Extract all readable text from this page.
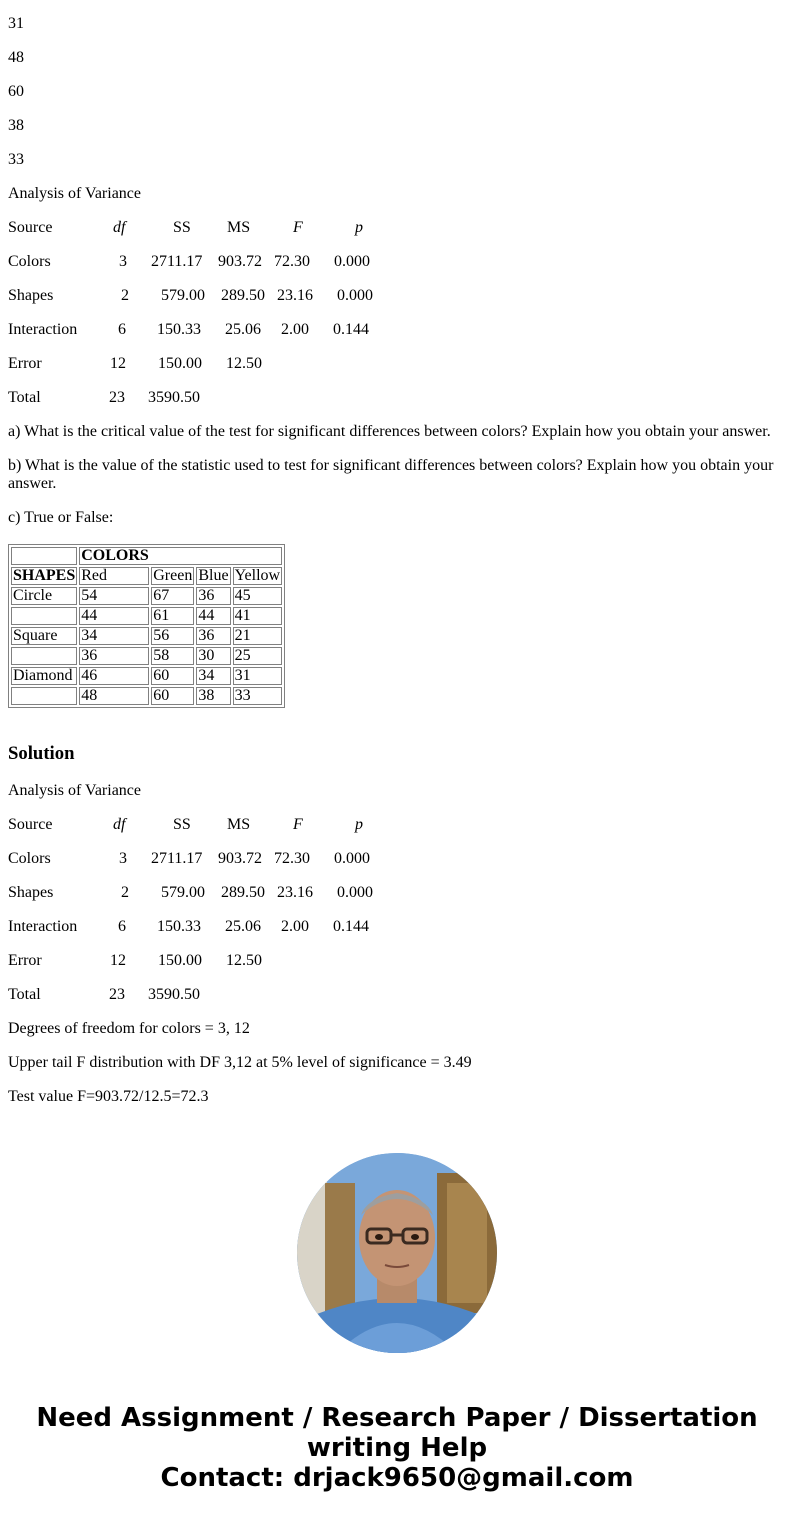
31
48
60
38
33
Analysis of Variance
Source	df	SS MS	F	p
Colors	3 2711.17 903.72 72.30 0.000
Shapes	2 579.00 289.50 23.16 0.000
Interaction	6 150.33 25.06 2.00 0.144
Error	12 150.00 12.50
Total	23 3590.50
a) What is the critical value of the test for significant differences between colors? Explain how you obtain your answer.
b) What is the value of the statistic used to test for significant differences between colors? Explain how you obtain your answer.
c) True or False:
	COLORS			
SHAPES	Red	Green	Blue	Yellow
Circle	54	67	36	45
	44	61	44	41
Square	34	56	36	21
	36	58	30	25
Diamond	46	60	34	31
	48	60	38	33
Solution
Analysis of Variance
Source	df	SS MS	F	p
Colors	3 2711.17 903.72 72.30 0.000
Shapes	2 579.00 289.50 23.16 0.000
Interaction	6 150.33 25.06 2.00 0.144
Error	12 150.00 12.50
Total	23 3590.50
Degrees of freedom for colors = 3, 12
Upper tail F distribution with DF 3,12 at 5% level of significance = 3.49
Test value F=903.72/12.5=72.3
Need Assignment / Research Paper / Dissertation
writing Help
Contact: drjack9650@gmail.com
